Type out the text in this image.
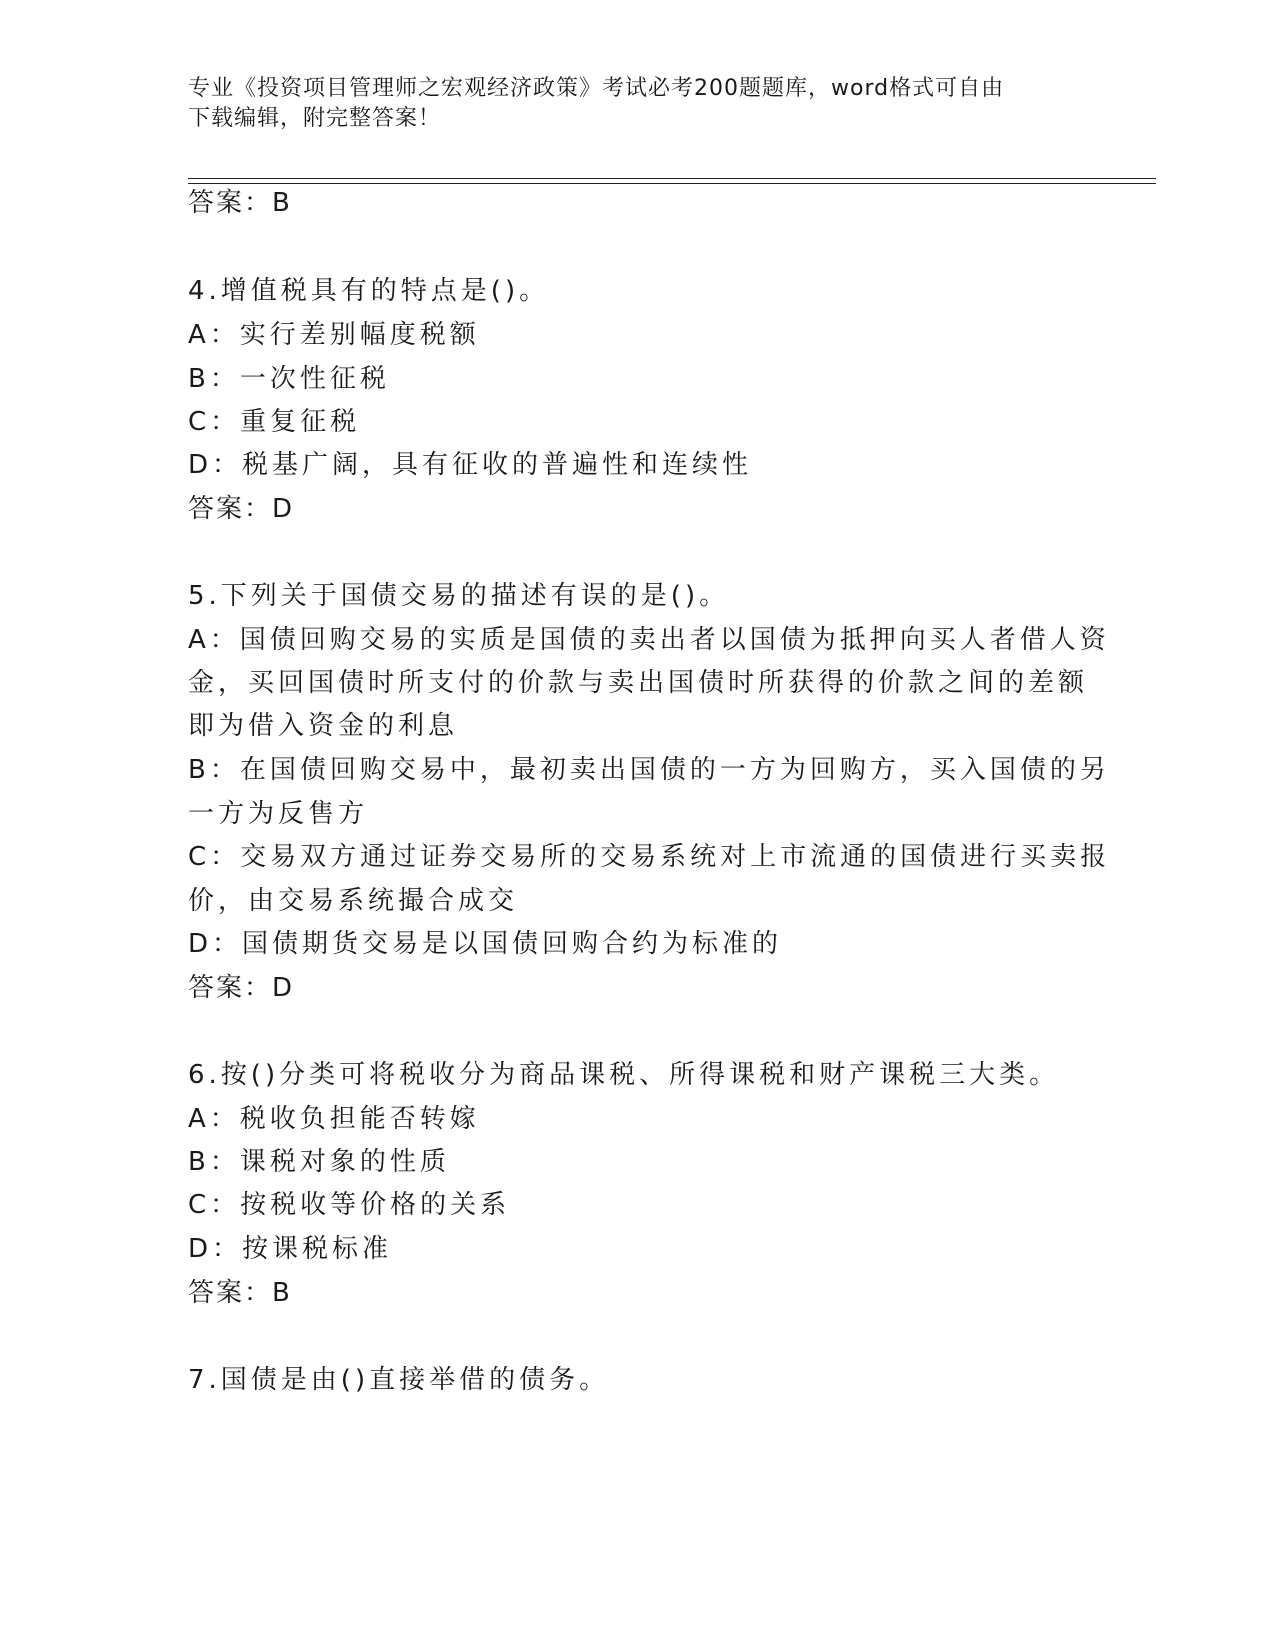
专业《投资项目管理师之宏观经济政策》考试必考200题题库，word格式可自由
下载编辑，附完整答案！
答案：B
4.增值税具有的特点是()。
A：实行差别幅度税额
B：一次性征税
C：重复征税
D：税基广阔，具有征收的普遍性和连续性
答案：D
5.下列关于国债交易的描述有误的是()。
A：国债回购交易的实质是国债的卖出者以国债为抵押向买人者借人资
金，买回国债时所支付的价款与卖出国债时所获得的价款之间的差额
即为借入资金的利息
B：在国债回购交易中，最初卖出国债的一方为回购方，买入国债的另
一方为反售方
C：交易双方通过证券交易所的交易系统对上市流通的国债进行买卖报
价，由交易系统撮合成交
D：国债期货交易是以国债回购合约为标准的
答案：D
6.按()分类可将税收分为商品课税、所得课税和财产课税三大类。
A：税收负担能否转嫁
B：课税对象的性质
C：按税收等价格的关系
D：按课税标准
答案：B
7.国债是由()直接举借的债务。
